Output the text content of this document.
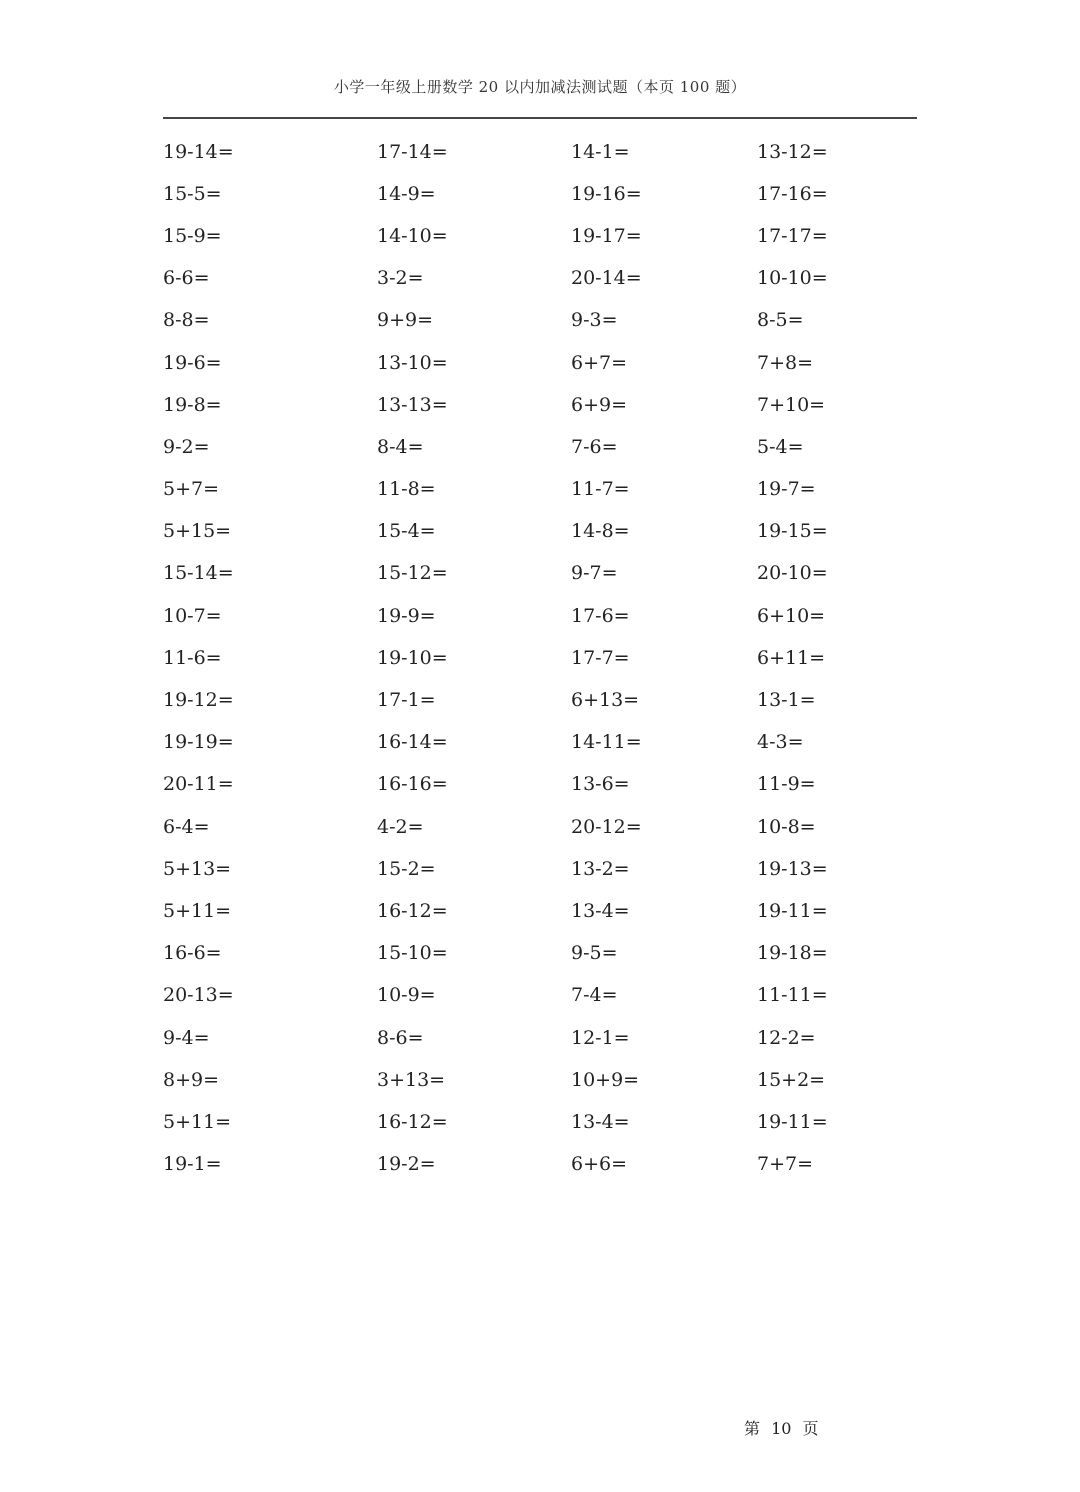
小学一年级上册数学 20 以内加减法测试题（本页 100 题）
19-14=	17-14=	14-1=	13-12=
15-5=	14-9=	19-16=	17-16=
15-9=	14-10=	19-17=	17-17=
6-6=	3-2=	20-14=	10-10=
8-8=	9+9=	9-3=	8-5=
19-6=	13-10=	6+7=	7+8=
19-8=	13-13=	6+9=	7+10=
9-2=	8-4=	7-6=	5-4=
5+7=	11-8=	11-7=	19-7=
5+15=	15-4=	14-8=	19-15=
15-14=	15-12=	9-7=	20-10=
10-7=	19-9=	17-6=	6+10=
11-6=	19-10=	17-7=	6+11=
19-12=	17-1=	6+13=	13-1=
19-19=	16-14=	14-11=	4-3=
20-11=	16-16=	13-6=	11-9=
6-4=	4-2=	20-12=	10-8=
5+13=	15-2=	13-2=	19-13=
5+11=	16-12=	13-4=	19-11=
16-6=	15-10=	9-5=	19-18=
20-13=	10-9=	7-4=	11-11=
9-4=	8-6=	12-1=	12-2=
8+9=	3+13=	10+9=	15+2=
5+11=	16-12=	13-4=	19-11=
19-1=	19-2=	6+6=	7+7=
第 10 页
